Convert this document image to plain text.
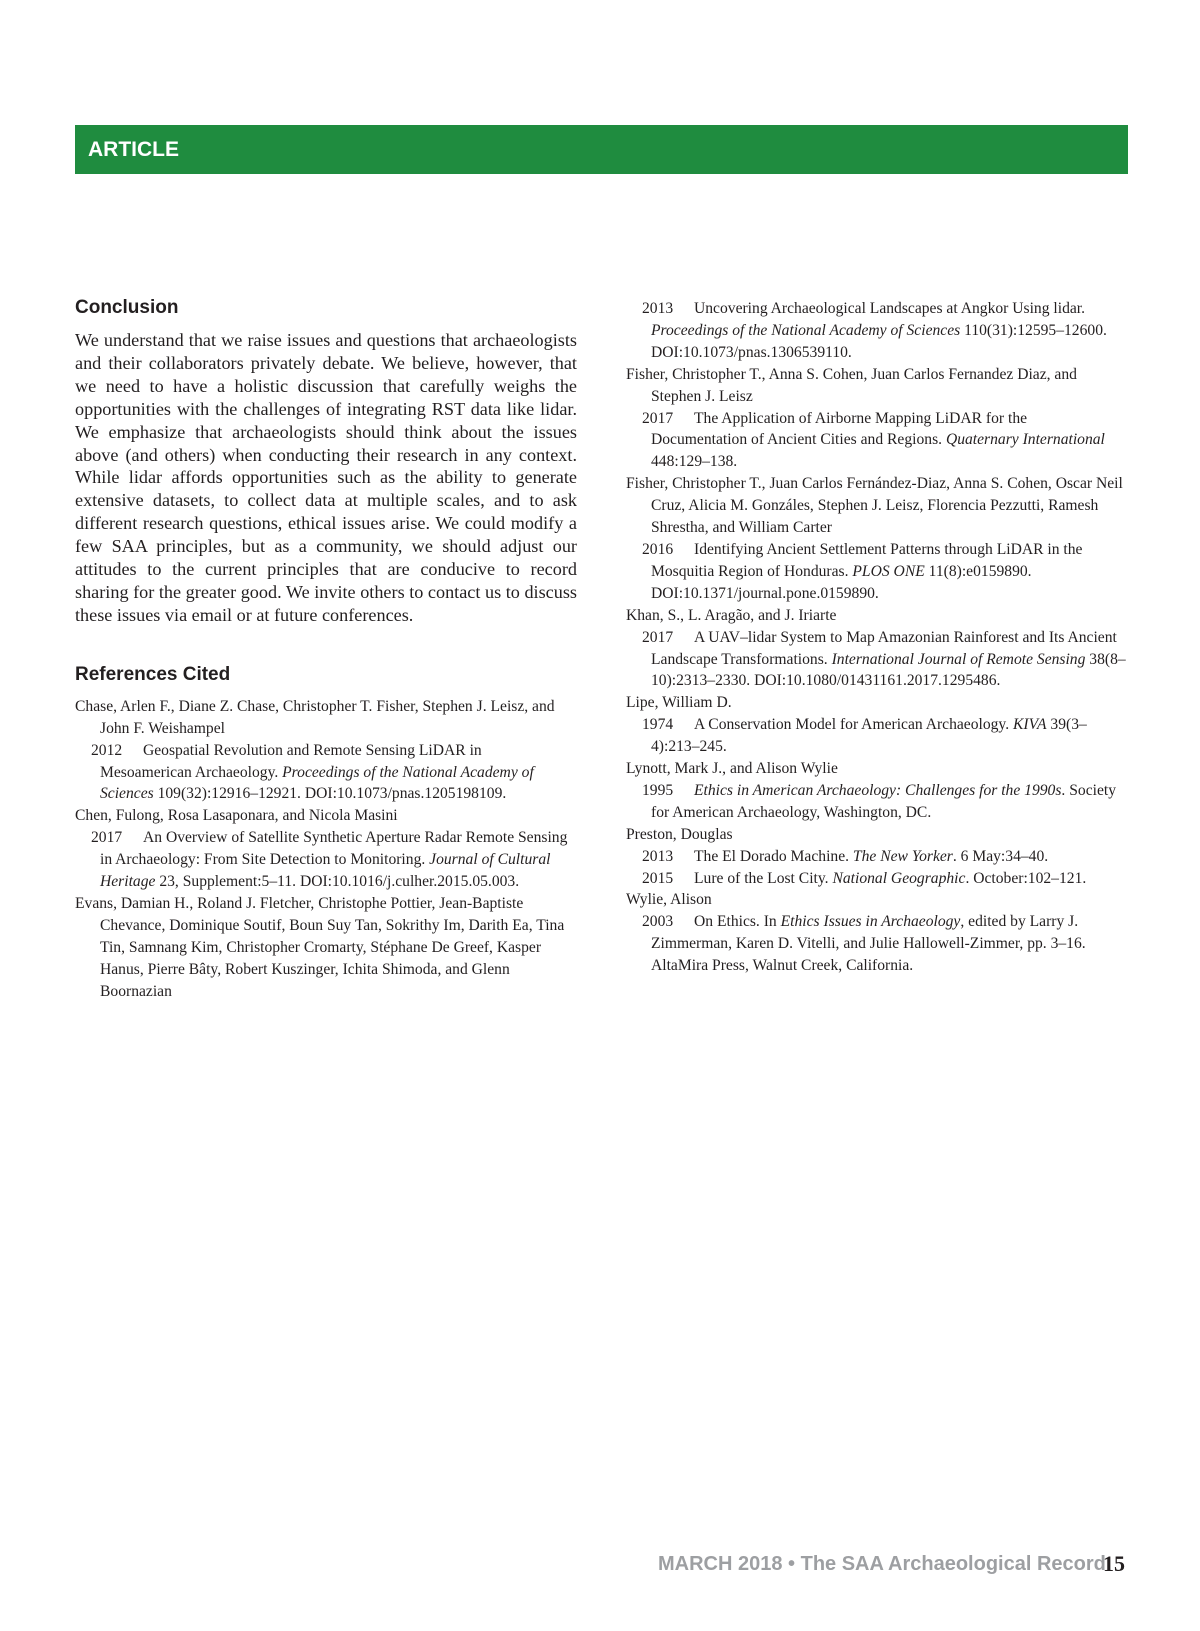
ARTICLE
Conclusion

We understand that we raise issues and questions that archaeologists and their collaborators privately debate. We believe, however, that we need to have a holistic discussion that carefully weighs the opportunities with the challenges of integrating RST data like lidar. We emphasize that archaeologists should think about the issues above (and others) when conducting their research in any context. While lidar affords opportunities such as the ability to generate extensive datasets, to collect data at multiple scales, and to ask different research questions, ethical issues arise. We could modify a few SAA principles, but as a community, we should adjust our attitudes to the current principles that are conducive to record sharing for the greater good. We invite others to contact us to discuss these issues via email or at future conferences.

References Cited
Chase, Arlen F., Diane Z. Chase, Christopher T. Fisher, Stephen J. Leisz, and John F. Weishampel
2012 Geospatial Revolution and Remote Sensing LiDAR in Mesoamerican Archaeology. Proceedings of the National Academy of Sciences 109(32):12916–12921. DOI:10.1073/pnas.1205198109.
Chen, Fulong, Rosa Lasaponara, and Nicola Masini
2017 An Overview of Satellite Synthetic Aperture Radar Remote Sensing in Archaeology: From Site Detection to Monitoring. Journal of Cultural Heritage 23, Supplement:5–11. DOI:10.1016/j.culher.2015.05.003.
Evans, Damian H., Roland J. Fletcher, Christophe Pottier, Jean-Baptiste Chevance, Dominique Soutif, Boun Suy Tan, Sokrithy Im, Darith Ea, Tina Tin, Samnang Kim, Christopher Cromarty, Stéphane De Greef, Kasper Hanus, Pierre Bâty, Robert Kuszinger, Ichita Shimoda, and Glenn Boornazian
2013 Uncovering Archaeological Landscapes at Angkor Using lidar. Proceedings of the National Academy of Sciences 110(31):12595–12600. DOI:10.1073/pnas.1306539110.
Fisher, Christopher T., Anna S. Cohen, Juan Carlos Fernandez Diaz, and Stephen J. Leisz
2017 The Application of Airborne Mapping LiDAR for the Documentation of Ancient Cities and Regions. Quaternary International 448:129–138.
Fisher, Christopher T., Juan Carlos Fernández-Diaz, Anna S. Cohen, Oscar Neil Cruz, Alicia M. Gonzáles, Stephen J. Leisz, Florencia Pezzutti, Ramesh Shrestha, and William Carter
2016 Identifying Ancient Settlement Patterns through LiDAR in the Mosquitia Region of Honduras. PLOS ONE 11(8):e0159890. DOI:10.1371/journal.pone.0159890.
Khan, S., L. Aragão, and J. Iriarte
2017 A UAV–lidar System to Map Amazonian Rainforest and Its Ancient Landscape Transformations. International Journal of Remote Sensing 38(8–10):2313–2330. DOI:10.1080/01431161.2017.1295486.
Lipe, William D.
1974 A Conservation Model for American Archaeology. KIVA 39(3–4):213–245.
Lynott, Mark J., and Alison Wylie
1995 Ethics in American Archaeology: Challenges for the 1990s. Society for American Archaeology, Washington, DC.
Preston, Douglas
2013 The El Dorado Machine. The New Yorker. 6 May:34–40.
2015 Lure of the Lost City. National Geographic. October:102–121.
Wylie, Alison
2003 On Ethics. In Ethics Issues in Archaeology, edited by Larry J. Zimmerman, Karen D. Vitelli, and Julie Hallowell-Zimmer, pp. 3–16. AltaMira Press, Walnut Creek, California.
MARCH 2018 • The SAA Archaeological Record
15
